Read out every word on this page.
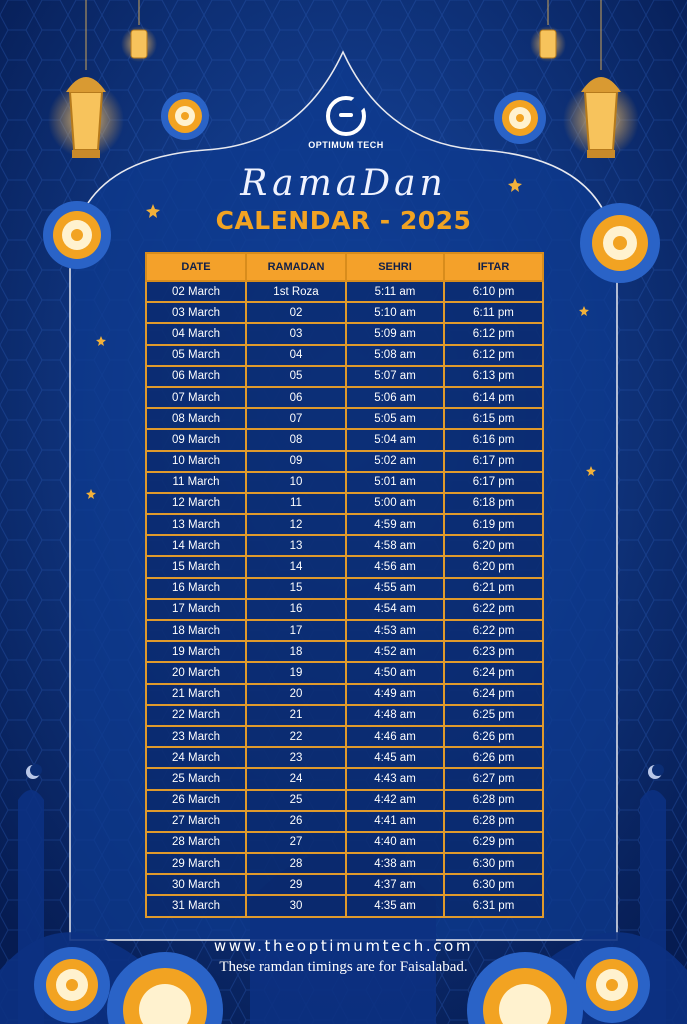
OPTIMUM TECH
RamaDan
CALENDAR - 2025
DATE	RAMADAN	SEHRI	IFTAR
02 March	1st Roza	5:11 am	6:10 pm
03 March	02	5:10 am	6:11 pm
04 March	03	5:09 am	6:12 pm
05 March	04	5:08 am	6:12 pm
06 March	05	5:07 am	6:13 pm
07 March	06	5:06 am	6:14 pm
08 March	07	5:05 am	6:15 pm
09 March	08	5:04 am	6:16 pm
10 March	09	5:02 am	6:17 pm
11 March	10	5:01 am	6:17 pm
12 March	11	5:00 am	6:18 pm
13 March	12	4:59 am	6:19 pm
14 March	13	4:58 am	6:20 pm
15 March	14	4:56 am	6:20 pm
16 March	15	4:55 am	6:21 pm
17 March	16	4:54 am	6:22 pm
18 March	17	4:53 am	6:22 pm
19 March	18	4:52 am	6:23 pm
20 March	19	4:50 am	6:24 pm
21 March	20	4:49 am	6:24 pm
22 March	21	4:48 am	6:25 pm
23 March	22	4:46 am	6:26 pm
24 March	23	4:45 am	6:26 pm
25 March	24	4:43 am	6:27 pm
26 March	25	4:42 am	6:28 pm
27 March	26	4:41 am	6:28 pm
28 March	27	4:40 am	6:29 pm
29 March	28	4:38 am	6:30 pm
30 March	29	4:37 am	6:30 pm
31 March	30	4:35 am	6:31 pm
www.theoptimumtech.com
These ramdan timings are for Faisalabad.
